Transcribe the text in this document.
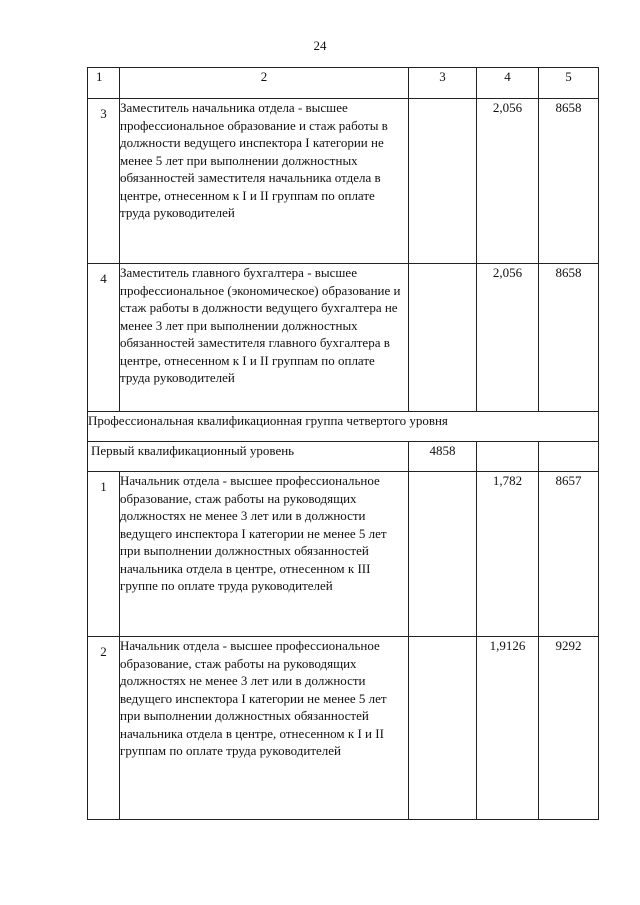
24
1	2	3	4	5
3	Заместитель начальника отдела - высшее профессиональное образование и стаж работы в должности ведущего инспектора I категории не менее 5 лет при выполнении должностных обязанностей заместителя начальника отдела в центре, отнесенном к I и II группам по оплате труда руководителей		2,056	8658
4	Заместитель главного бухгалтера - высшее профессиональное (экономическое) образование и стаж работы в должности ведущего бухгалтера не менее 3 лет при выполнении должностных обязанностей заместителя главного бухгалтера в центре, отнесенном к I и II группам по оплате труда руководителей		2,056	8658
Профессиональная квалификационная группа четвертого уровня				
Первый квалификационный уровень		4858		
1	Начальник отдела - высшее профессиональное образование, стаж работы на руководящих должностях не менее 3 лет или в должности ведущего инспектора I категории не менее 5 лет при выполнении должностных обязанностей начальника отдела в центре, отнесенном к III группе по оплате труда руководителей		1,782	8657
2	Начальник отдела - высшее профессиональное образование, стаж работы на руководящих должностях не менее 3 лет или в должности ведущего инспектора I категории не менее 5 лет при выполнении должностных обязанностей начальника отдела в центре, отнесенном к I и II группам по оплате труда руководителей		1,9126	9292
